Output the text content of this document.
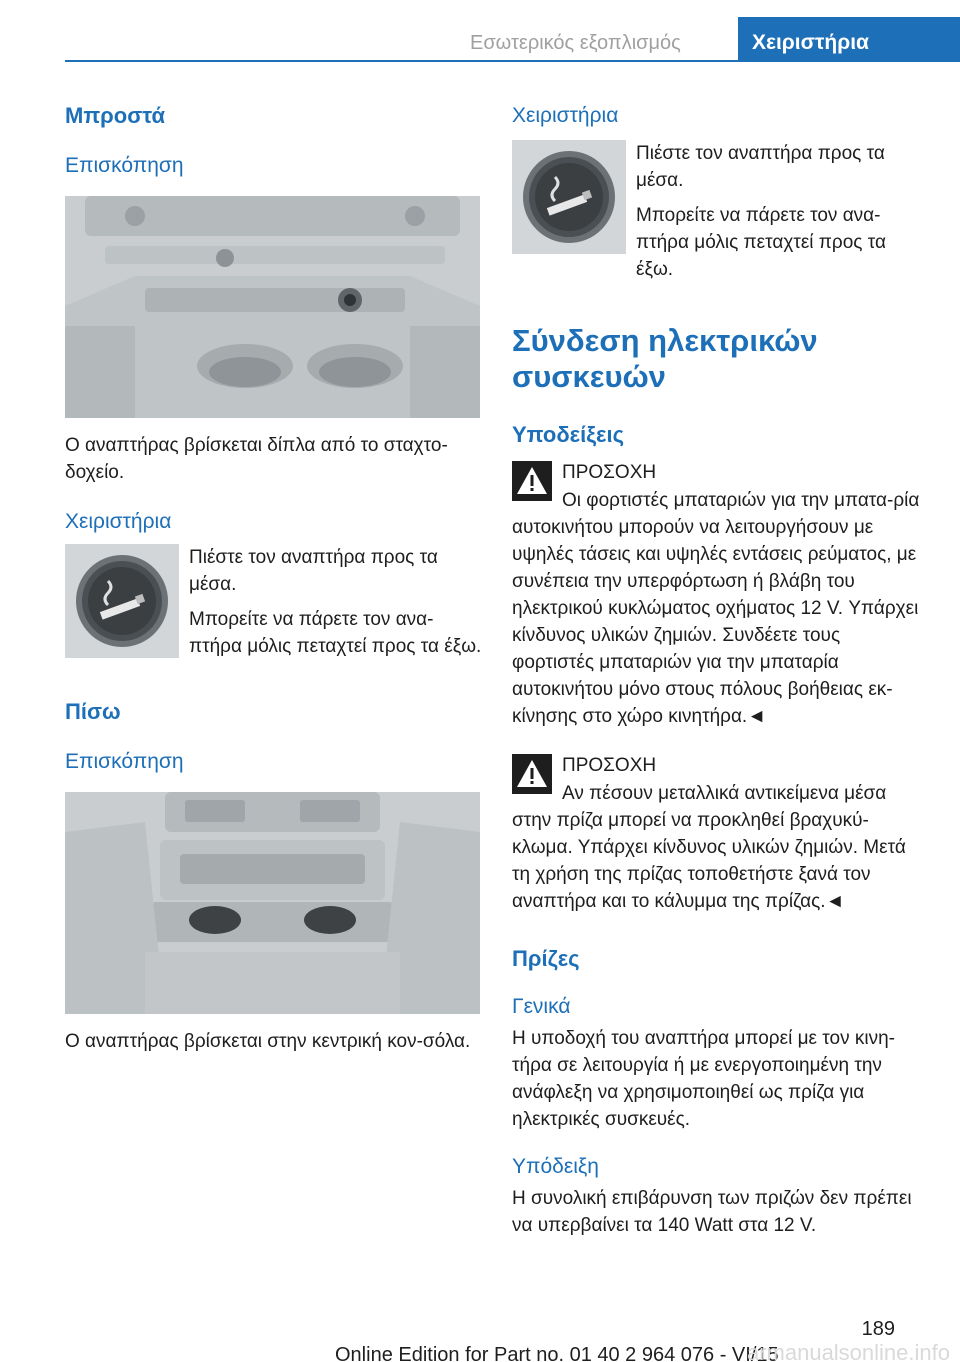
Εσωτερικός εξοπλισμός	Χειριστήρια
Μπροστά
Επισκόπηση
Ο αναπτήρας βρίσκεται δίπλα από το σταχτο-δοχείο.
Χειριστήρια
Πιέστε τον αναπτήρα προς τα μέσα.
Μπορείτε να πάρετε τον ανα-πτήρα μόλις πεταχτεί προς τα έξω.
Πίσω
Επισκόπηση
Ο αναπτήρας βρίσκεται στην κεντρική κον-σόλα.
Χειριστήρια
Πιέστε τον αναπτήρα προς τα μέσα.
Μπορείτε να πάρετε τον ανα-πτήρα μόλις πεταχτεί προς τα έξω.
Σύνδεση ηλεκτρικών συσκευών
Υποδείξεις
ΠΡΟΣΟΧΗ
Οι φορτιστές μπαταριών για την μπατα-ρία αυτοκινήτου μπορούν να λειτουργήσουν με υψηλές τάσεις και υψηλές εντάσεις ρεύματος, με συνέπεια την υπερφόρτωση ή βλάβη του ηλεκτρικού κυκλώματος οχήματος 12 V. Υπάρχει κίνδυνος υλικών ζημιών. Συνδέετε τους φορτιστές μπαταριών για την μπαταρία αυτοκινήτου μόνο στους πόλους βοήθειας εκ-κίνησης στο χώρο κινητήρα.◄
ΠΡΟΣΟΧΗ
Αν πέσουν μεταλλικά αντικείμενα μέσα στην πρίζα μπορεί να προκληθεί βραχυκύ-κλωμα. Υπάρχει κίνδυνος υλικών ζημιών. Μετά τη χρήση της πρίζας τοποθετήστε ξανά τον αναπτήρα και το κάλυμμα της πρίζας.◄
Πρίζες
Γενικά
Η υποδοχή του αναπτήρα μπορεί με τον κινη-τήρα σε λειτουργία ή με ενεργοποιημένη την ανάφλεξη να χρησιμοποιηθεί ως πρίζα για ηλεκτρικές συσκευές.
Υπόδειξη
Η συνολική επιβάρυνση των πριζών δεν πρέπει να υπερβαίνει τα 140 Watt στα 12 V.
189
Online Edition for Part no. 01 40 2 964 076 - VI/15
armanualsonline.info
